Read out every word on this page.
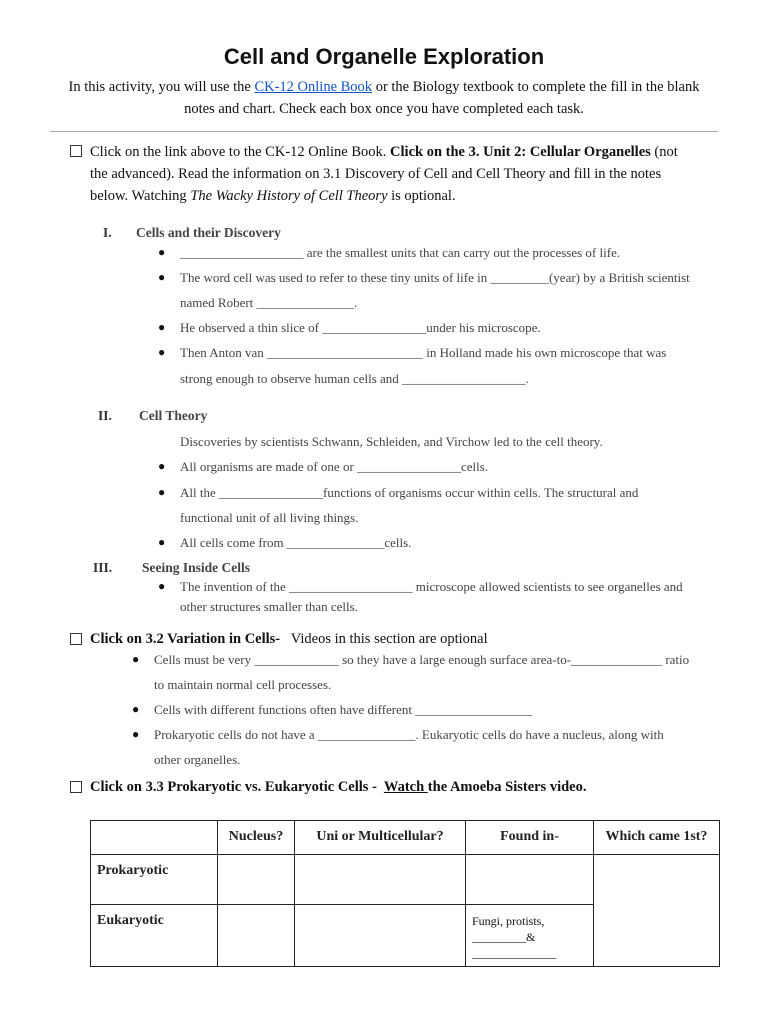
Cell and Organelle Exploration
In this activity, you will use the CK-12 Online Book or the Biology textbook to complete the fill in the blank
notes and chart. Check each box once you have completed each task.
Click on the link above to the CK-12 Online Book. Click on the 3. Unit 2: Cellular Organelles (not
the advanced). Read the information on 3.1 Discovery of Cell and Cell Theory and fill in the notes
below. Watching The Wacky History of Cell Theory is optional.
I. Cells and their Discovery
● ___________________ are the smallest units that can carry out the processes of life.
● The word cell was used to refer to these tiny units of life in _________(year) by a British scientist
named Robert _______________.
● He observed a thin slice of ________________under his microscope.
● Then Anton van ________________________ in Holland made his own microscope that was
strong enough to observe human cells and ___________________.
II. Cell Theory
Discoveries by scientists Schwann, Schleiden, and Virchow led to the cell theory.
● All organisms are made of one or ________________cells.
● All the ________________functions of organisms occur within cells. The structural and
functional unit of all living things.
● All cells come from _______________cells.
III. Seeing Inside Cells
● The invention of the ___________________ microscope allowed scientists to see organelles and
other structures smaller than cells.
Click on 3.2 Variation in Cells-   Videos in this section are optional
● Cells must be very _____________ so they have a large enough surface area-to-______________ ratio
to maintain normal cell processes.
● Cells with different functions often have different __________________
● Prokaryotic cells do not have a _______________. Eukaryotic cells do have a nucleus, along with
other organelles.
Click on 3.3 Prokaryotic vs. Eukaryotic Cells -  Watch the Amoeba Sisters video.
	Nucleus?	Uni or Multicellular?	Found in-	Which came 1st?
Prokaryotic				
Eukaryotic			Fungi, protists,
_________&
______________	
